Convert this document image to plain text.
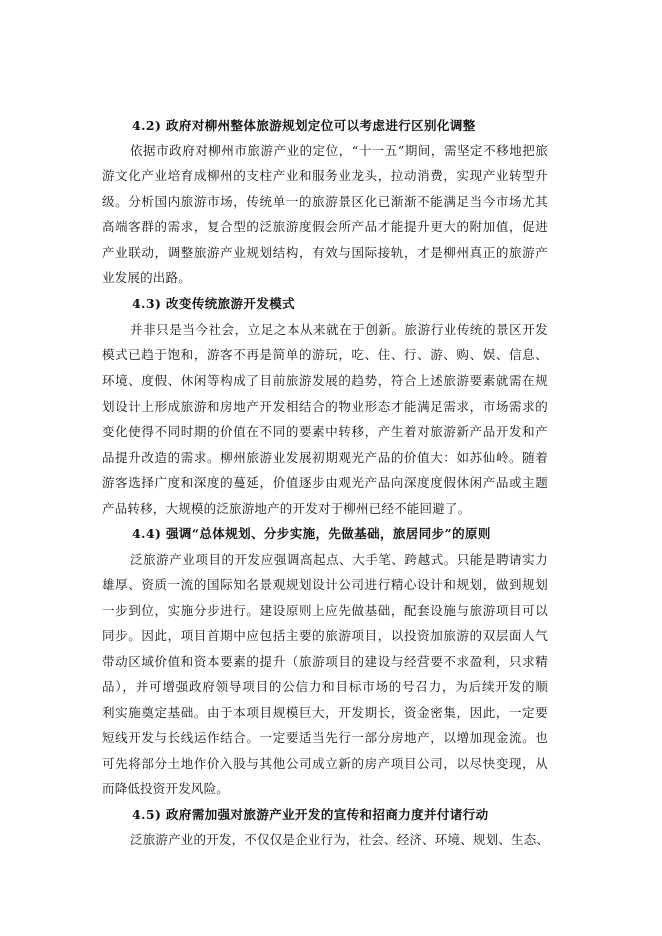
4.2) 政府对柳州整体旅游规划定位可以考虑进行区别化调整
依据市政府对柳州市旅游产业的定位，“十一五”期间，需坚定不移地把旅
游文化产业培育成柳州的支柱产业和服务业龙头，拉动消费，实现产业转型升
级。分析国内旅游市场，传统单一的旅游景区化已渐渐不能满足当今市场尤其
高端客群的需求，复合型的泛旅游度假会所产品才能提升更大的附加值，促进
产业联动，调整旅游产业规划结构，有效与国际接轨，才是柳州真正的旅游产
业发展的出路。
4.3) 改变传统旅游开发模式
并非只是当今社会，立足之本从来就在于创新。旅游行业传统的景区开发
模式已趋于饱和，游客不再是简单的游玩，吃、住、行、游、购、娱、信息、
环境、度假、休闲等构成了目前旅游发展的趋势，符合上述旅游要素就需在规
划设计上形成旅游和房地产开发相结合的物业形态才能满足需求，市场需求的
变化使得不同时期的价值在不同的要素中转移，产生着对旅游新产品开发和产
品提升改造的需求。柳州旅游业发展初期观光产品的价值大：如苏仙岭。随着
游客选择广度和深度的蔓延，价值逐步由观光产品向深度度假休闲产品或主题
产品转移，大规模的泛旅游地产的开发对于柳州已经不能回避了。
4.4) 强调“总体规划、分步实施，先做基础，旅居同步”的原则
泛旅游产业项目的开发应强调高起点、大手笔、跨越式。只能是聘请实力
雄厚、资质一流的国际知名景观规划设计公司进行精心设计和规划，做到规划
一步到位，实施分步进行。建设原则上应先做基础，配套设施与旅游项目可以
同步。因此，项目首期中应包括主要的旅游项目，以投资加旅游的双层面人气
带动区域价值和资本要素的提升（旅游项目的建设与经营要不求盈利，只求精
品），并可增强政府领导项目的公信力和目标市场的号召力，为后续开发的顺
利实施奠定基础。由于本项目规模巨大，开发期长，资金密集，因此，一定要
短线开发与长线运作结合。一定要适当先行一部分房地产，以增加现金流。也
可先将部分土地作价入股与其他公司成立新的房产项目公司，以尽快变现，从
而降低投资开发风险。
4.5) 政府需加强对旅游产业开发的宣传和招商力度并付诸行动
泛旅游产业的开发，不仅仅是企业行为，社会、经济、环境、规划、生态、
